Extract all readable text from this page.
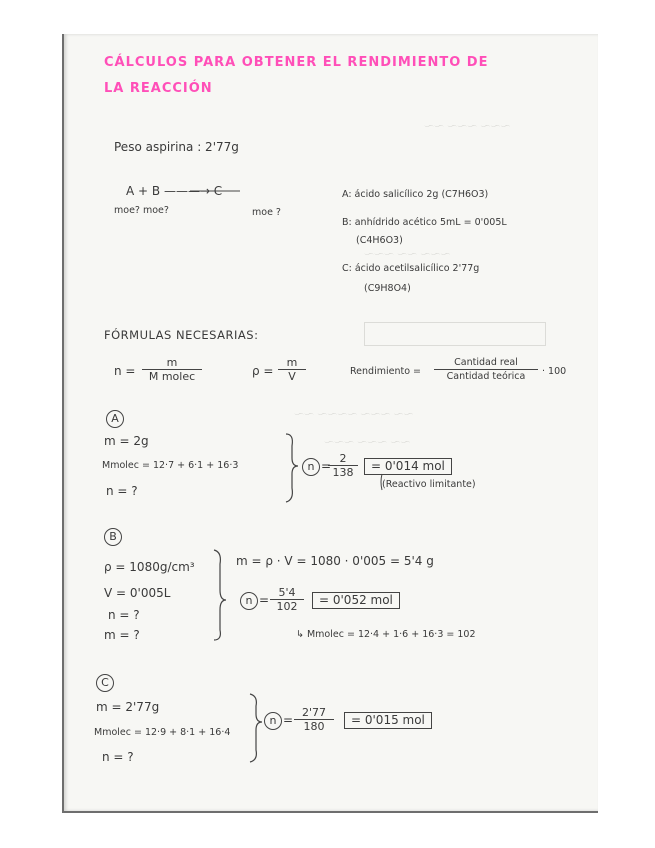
〜〜〜 〜〜〜 〜〜
〜〜〜 〜〜 〜〜〜
〜〜 〜〜〜 〜〜〜〜 〜〜
〜〜 〜〜〜 〜〜〜
CÁLCULOS PARA OBTENER EL RENDIMIENTO DE
LA REACCIÓN
Peso aspirina : 2'77g
A + B ———→ C
moe? moe?	moe ?
A: ácido salicílico 2g (C7H6O3)
B: anhídrido acético 5mL = 0'005L
(C4H6O3)
C: ácido acetilsalicílico 2'77g
(C9H8O4)
FÓRMULAS NECESARIAS:
n =
m
M molec	$\rho = \frac{m}{V}$	Rendimiento =
Cantidad real
Cantidad teórica	· 100
A
m = 2g
Mmolec = 12·7 + 6·1 + 16·3
n = ?
n =
$\frac{2}{138}$	= 0'014 mol
(Reactivo limitante)
B
ρ = 1080g/cm³
V = 0'005L
n = ?
m = ?
m = ρ · V = 1080 · 0'005 = 5'4 g
$n = \frac{5'4}{102}$	= 0'052 mol
↳ Mmolec = 12·4 + 1·6 + 16·3 = 102
C
m = 2'77g
Mmolec = 12·9 + 8·1 + 16·4
n = ?
$n = \frac{2'77}{180}$	= 0'015 mol
